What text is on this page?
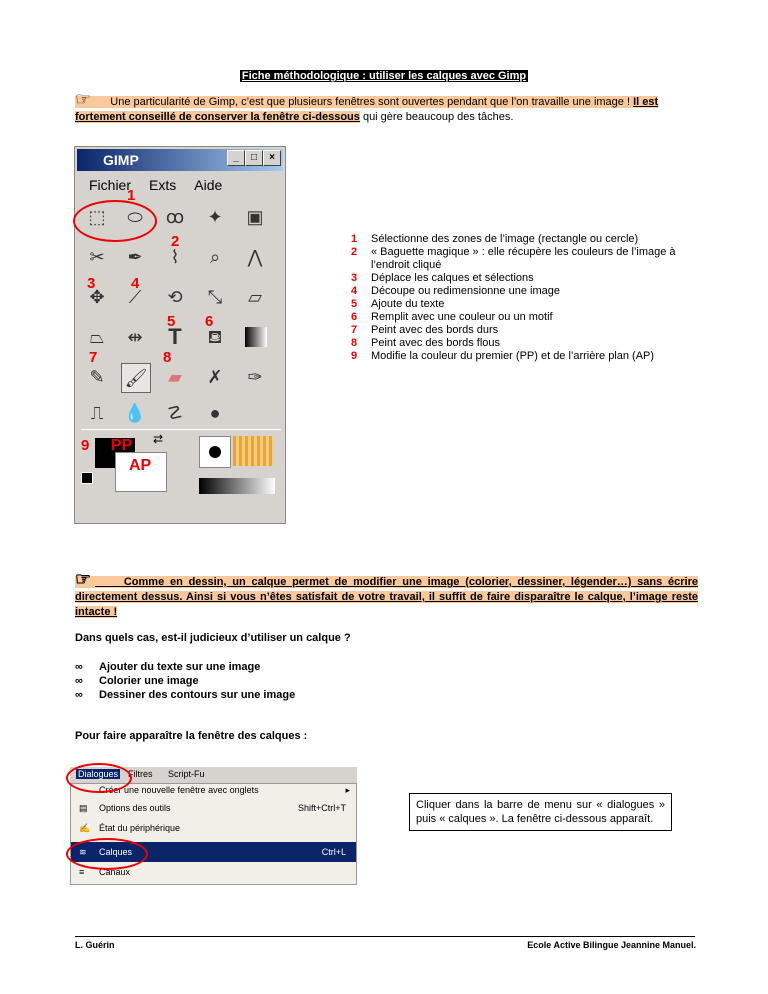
Fiche méthodologique : utiliser les calques avec Gimp
☞ Une particularité de Gimp, c’est que plusieurs fenêtres sont ouvertes pendant que l’on travaille une image ! Il est fortement conseillé de conserver la fenêtre ci-dessous qui gère beaucoup des tâches.
GIMP	_	□	×
Fichier Exts Aide
⬚	⬭	ꝏ	✦	▣
✂	✒	⌇	⌕	⋀
✥	⟋	⟲	⤡	▱
⏢	⇹	T	⛾
✎	🖌	▰	✗	✑
⎍	💧	☡	●
⇄
1
2
3 4
5 6
7	8
9 PP
AP
1	Sélectionne des zones de l’image (rectangle ou cercle)
2	« Baguette magique » : elle récupère les couleurs de l’image à l’endroit cliqué
3	Déplace les calques et sélections
4	Découpe ou redimensionne une image
5	Ajoute du texte
6	Remplit avec une couleur ou un motif
7	Peint avec des bords durs
8	Peint avec des bords flous
9	Modifie la couleur du premier (PP) et de l’arrière plan (AP)
☞	Comme en dessin, un calque permet de modifier une image (colorier, dessiner, légender…) sans écrire directement dessus. Ainsi si vous n’êtes satisfait de votre travail, il suffit de faire disparaître le calque, l’image reste intacte !
Dans quels cas, est-il judicieux d’utiliser un calque ?
∞	Ajouter du texte sur une image
∞	Colorier une image
∞	Dessiner des contours sur une image
Pour faire apparaître la fenêtre des calques :
Dialogues Filtres Script-Fu
Créer une nouvelle fenêtre avec onglets	▸
▤ Options des outils	Shift+Ctrl+T
✍ État du périphérique
≋ Calques	Ctrl+L
≡ Canaux
Cliquer dans la barre de menu sur « dialogues » puis « calques ». La fenêtre ci-dessous apparaît.
L. Guérin	Ecole Active Bilingue Jeannine Manuel.
